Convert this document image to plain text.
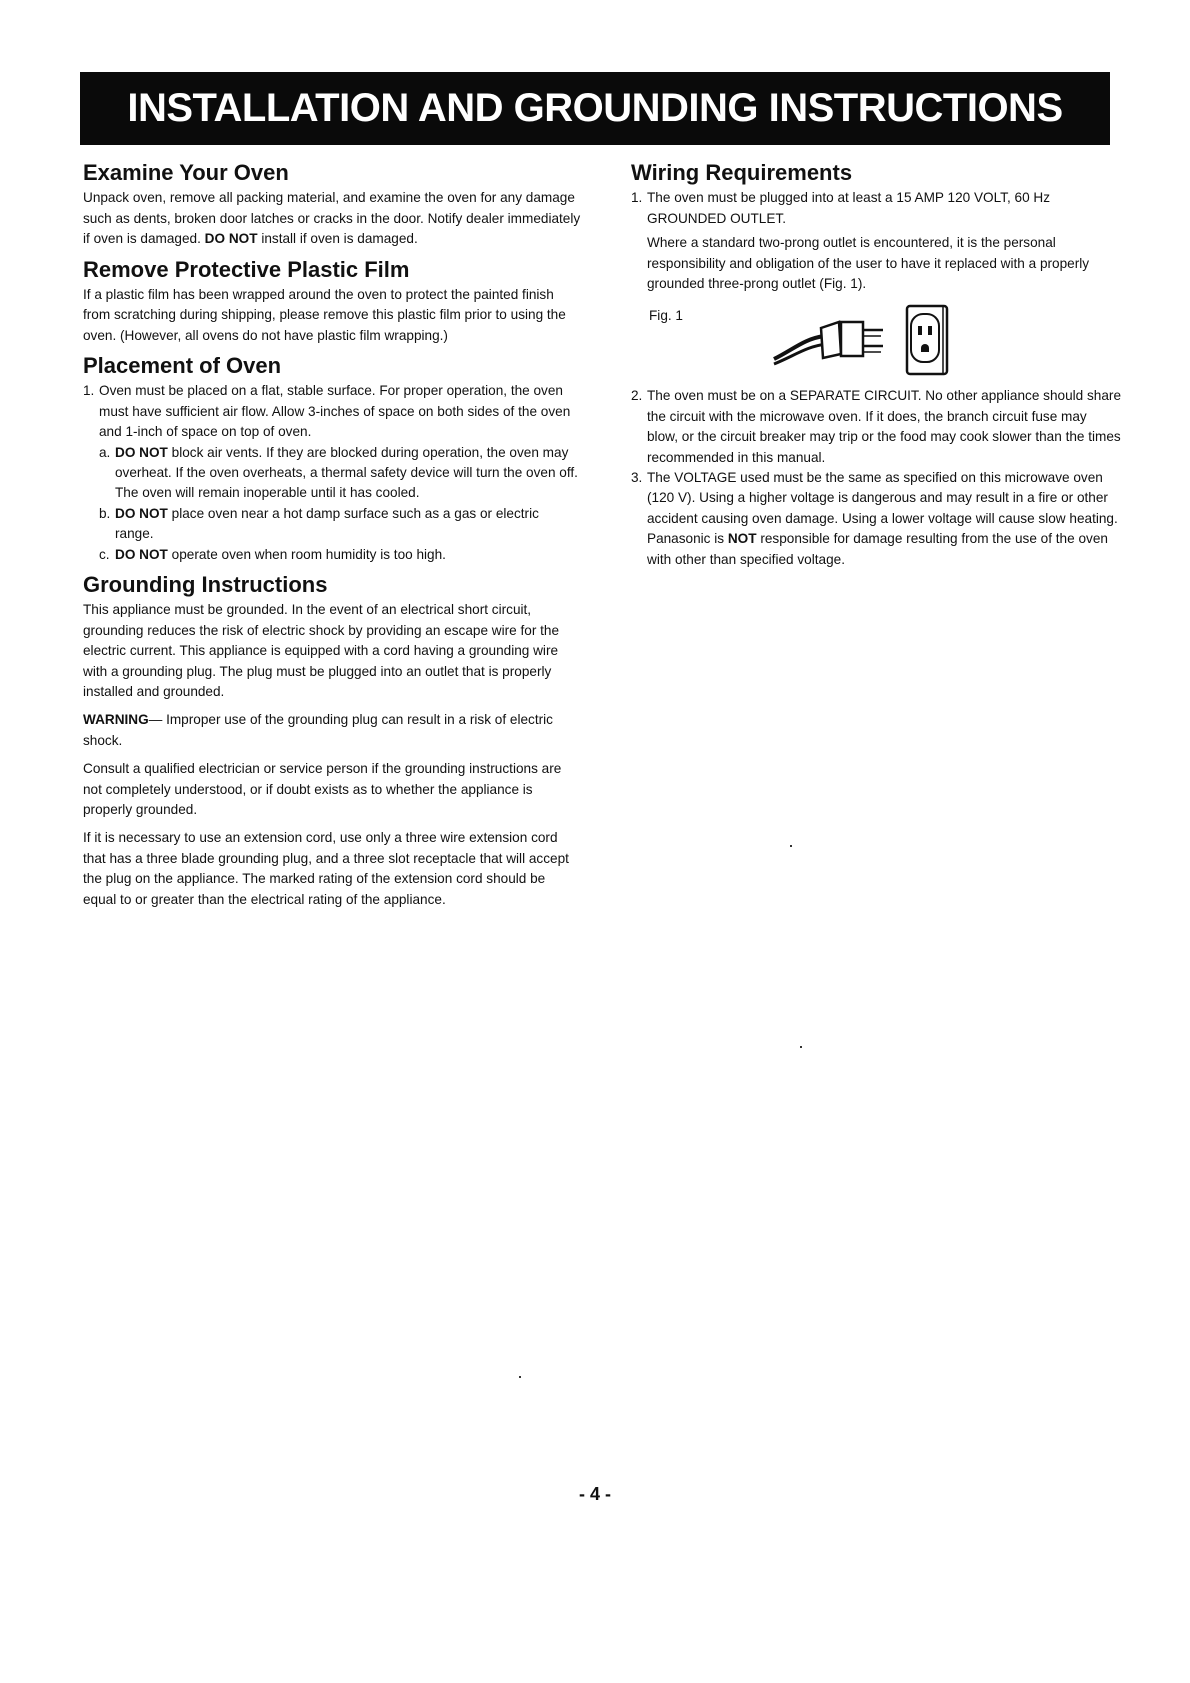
INSTALLATION AND GROUNDING INSTRUCTIONS
Examine Your Oven

Unpack oven, remove all packing material, and examine the oven for any damage such as dents, broken door latches or cracks in the door. Notify dealer immediately if oven is damaged. DO NOT install if oven is damaged.

Remove Protective Plastic Film

If a plastic film has been wrapped around the oven to protect the painted finish from scratching during shipping, please remove this plastic film prior to using the oven. (However, all ovens do not have plastic film wrapping.)

Placement of Oven
1. Oven must be placed on a flat, stable surface. For proper operation, the oven must have sufficient air flow. Allow 3-inches of space on both sides of the oven and 1-inch of space on top of oven.
a. DO NOT block air vents. If they are blocked during operation, the oven may overheat. If the oven overheats, a thermal safety device will turn the oven off. The oven will remain inoperable until it has cooled.
b. DO NOT place oven near a hot damp surface such as a gas or electric range.
c. DO NOT operate oven when room humidity is too high.
Grounding Instructions

This appliance must be grounded. In the event of an electrical short circuit, grounding reduces the risk of electric shock by providing an escape wire for the electric current. This appliance is equipped with a cord having a grounding wire with a grounding plug. The plug must be plugged into an outlet that is properly installed and grounded.

WARNING— Improper use of the grounding plug can result in a risk of electric shock.

Consult a qualified electrician or service person if the grounding instructions are not completely understood, or if doubt exists as to whether the appliance is properly grounded.

If it is necessary to use an extension cord, use only a three wire extension cord that has a three blade grounding plug, and a three slot receptacle that will accept the plug on the appliance. The marked rating of the extension cord should be equal to or greater than the electrical rating of the appliance.

Wiring Requirements
1. The oven must be plugged into at least a 15 AMP 120 VOLT, 60 Hz GROUNDED OUTLET.

Where a standard two-prong outlet is encountered, it is the personal responsibility and obligation of the user to have it replaced with a properly grounded three-prong outlet (Fig. 1).

Fig. 1
2. The oven must be on a SEPARATE CIRCUIT. No other appliance should share the circuit with the microwave oven. If it does, the branch circuit fuse may blow, or the circuit breaker may trip or the food may cook slower than the times recommended in this manual.
3. The VOLTAGE used must be the same as specified on this microwave oven (120 V). Using a higher voltage is dangerous and may result in a fire or other accident causing oven damage. Using a lower voltage will cause slow heating. Panasonic is NOT responsible for damage resulting from the use of the oven with other than specified voltage.
- 4 -
